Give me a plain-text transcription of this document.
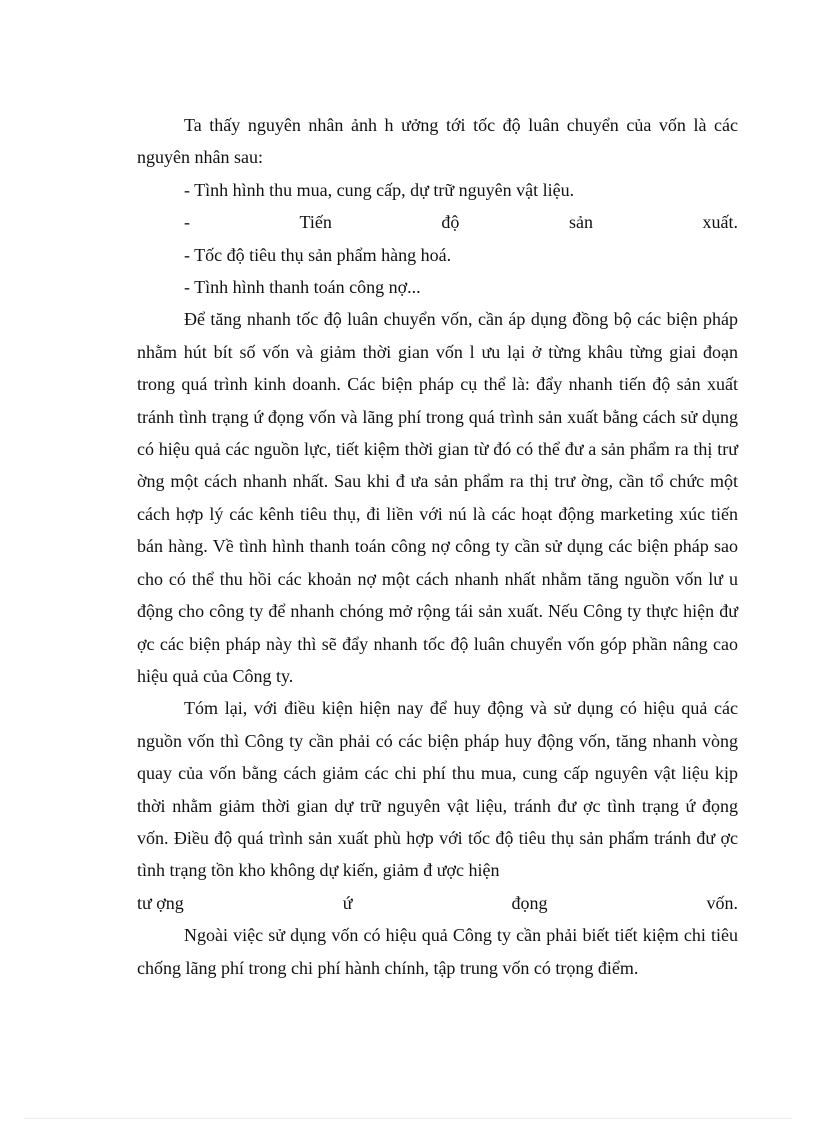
Ta thấy nguyên nhân ảnh h ưởng tới tốc độ luân chuyển của vốn là các nguyên nhân sau:

- Tình hình thu mua, cung cấp, dự trữ nguyên vật liệu.
-	Tiến	độ	sản	xuất.
- Tốc độ tiêu thụ sản phẩm hàng hoá.
- Tình hình thanh toán công nợ...

Để tăng nhanh tốc độ luân chuyển vốn, cần áp dụng đồng bộ các biện pháp nhằm hút bít số vốn và giảm thời gian vốn l ưu lại ở từng khâu từng giai đoạn trong quá trình kinh doanh. Các biện pháp cụ thể là: đẩy nhanh tiến độ sản xuất tránh tình trạng ứ đọng vốn và lãng phí trong quá trình sản xuất bằng cách sử dụng có hiệu quả các nguồn lực, tiết kiệm thời gian từ đó có thể đư a sản phẩm ra thị trư ờng một cách nhanh nhất. Sau khi đ ưa sản phẩm ra thị trư ờng, cần tổ chức một cách hợp lý các kênh tiêu thụ, đi liền với nú là các hoạt động marketing xúc tiến bán hàng. Về tình hình thanh toán công nợ công ty cần sử dụng các biện pháp sao cho có thể thu hồi các khoản nợ một cách nhanh nhất nhằm tăng nguồn vốn lư u động cho công ty để nhanh chóng mở rộng tái sản xuất. Nếu Công ty thực hiện đư ợc các biện pháp này thì sẽ đẩy nhanh tốc độ luân chuyển vốn góp phần nâng cao hiệu quả của Công ty.

Tóm lại, với điều kiện hiện nay để huy động và sử dụng có hiệu quả các nguồn vốn thì Công ty cần phải có các biện pháp huy động vốn, tăng nhanh vòng quay của vốn bằng cách giảm các chi phí thu mua, cung cấp nguyên vật liệu kịp thời nhằm giảm thời gian dự trữ nguyên vật liệu, tránh đư ợc tình trạng ứ đọng vốn. Điều độ quá trình sản xuất phù hợp với tốc độ tiêu thụ sản phẩm tránh đư ợc tình trạng tồn kho không dự kiến, giảm đ ược hiện

tư ợng	ứ	đọng	vốn.

Ngoài việc sử dụng vốn có hiệu quả Công ty cần phải biết tiết kiệm chi tiêu chống lãng phí trong chi phí hành chính, tập trung vốn có trọng điểm.
